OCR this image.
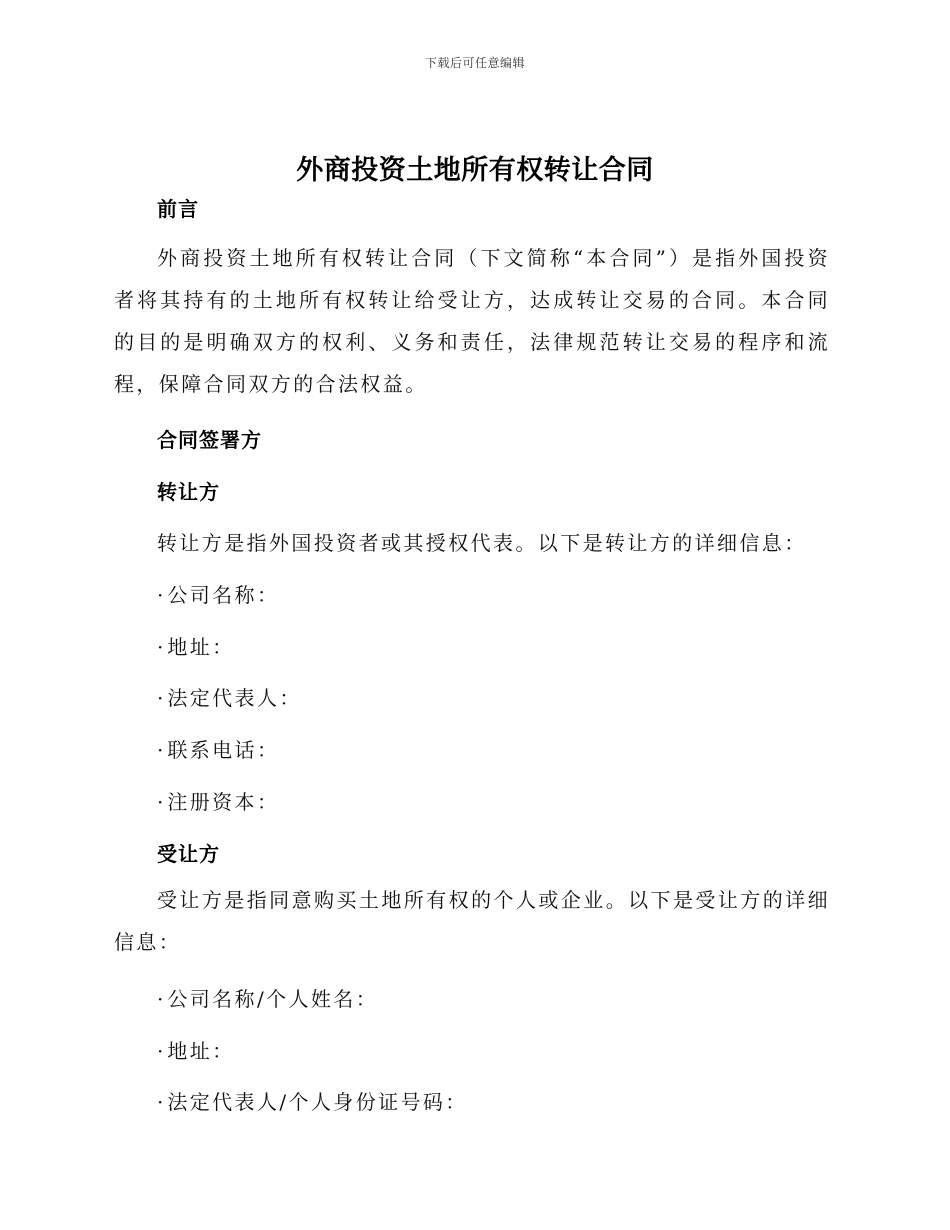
下载后可任意编辑
外商投资土地所有权转让合同
前言
外商投资土地所有权转让合同（下文简称“本合同”）是指外国投资者将其持有的土地所有权转让给受让方，达成转让交易的合同。本合同的目的是明确双方的权利、义务和责任，法律规范转让交易的程序和流程，保障合同双方的合法权益。
合同签署方
转让方
转让方是指外国投资者或其授权代表。以下是转让方的详细信息：
· 公司名称：
· 地址：
· 法定代表人：
· 联系电话：
· 注册资本：
受让方
受让方是指同意购买土地所有权的个人或企业。以下是受让方的详细信息：
· 公司名称/个人姓名：
· 地址：
· 法定代表人/个人身份证号码：
